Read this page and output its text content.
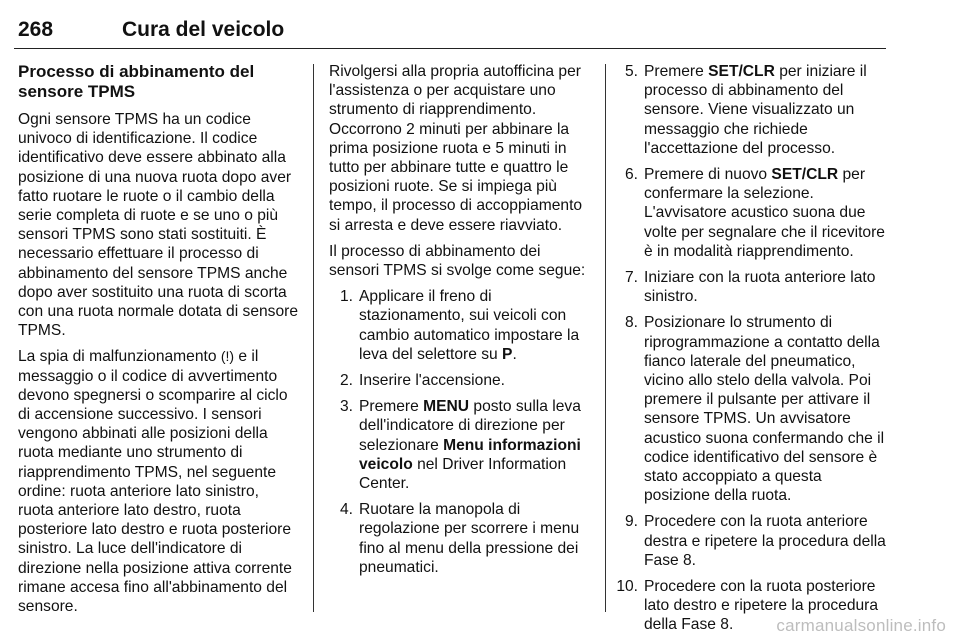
268	Cura del veicolo
Processo di abbinamento del sensore TPMS

Ogni sensore TPMS ha un codice univoco di identificazione. Il codice identificativo deve essere abbinato alla posizione di una nuova ruota dopo aver fatto ruotare le ruote o il cambio della serie completa di ruote e se uno o più sensori TPMS sono stati sostituiti. È necessario effettuare il processo di abbinamento del sensore TPMS anche dopo aver sostituito una ruota di scorta con una ruota normale dotata di sensore TPMS.

La spia di malfunzionamento (!) e il messaggio o il codice di avvertimento devono spegnersi o scomparire al ciclo di accensione successivo. I sensori vengono abbinati alle posizioni della ruota mediante uno strumento di riapprendimento TPMS, nel seguente ordine: ruota anteriore lato sinistro, ruota anteriore lato destro, ruota posteriore lato destro e ruota posteriore sinistro. La luce dell'indicatore di direzione nella posizione attiva corrente rimane accesa fino all'abbinamento del sensore.

Rivolgersi alla propria autofficina per l'assistenza o per acquistare uno strumento di riapprendimento. Occorrono 2 minuti per abbinare la prima posizione ruota e 5 minuti in tutto per abbinare tutte e quattro le posizioni ruote. Se si impiega più tempo, il processo di accoppiamento si arresta e deve essere riavviato.

Il processo di abbinamento dei sensori TPMS si svolge come segue:

1. Applicare il freno di stazionamento, sui veicoli con cambio automatico impostare la leva del selettore su P.
2. Inserire l'accensione.
3. Premere MENU posto sulla leva dell'indicatore di direzione per selezionare Menu informazioni veicolo nel Driver Information Center.
4. Ruotare la manopola di regolazione per scorrere i menu fino al menu della pressione dei pneumatici.
5. Premere SET/CLR per iniziare il processo di abbinamento del sensore. Viene visualizzato un messaggio che richiede l'accettazione del processo.
6. Premere di nuovo SET/CLR per confermare la selezione. L'avvisatore acustico suona due volte per segnalare che il ricevitore è in modalità riapprendimento.
7. Iniziare con la ruota anteriore lato sinistro.
8. Posizionare lo strumento di riprogrammazione a contatto della fianco laterale del pneumatico, vicino allo stelo della valvola. Poi premere il pulsante per attivare il sensore TPMS. Un avvisatore acustico suona confermando che il codice identificativo del sensore è stato accoppiato a questa posizione della ruota.
9. Procedere con la ruota anteriore destra e ripetere la procedura della Fase 8.
10. Procedere con la ruota posteriore lato destro e ripetere la procedura della Fase 8.	carmanualsonline.info
